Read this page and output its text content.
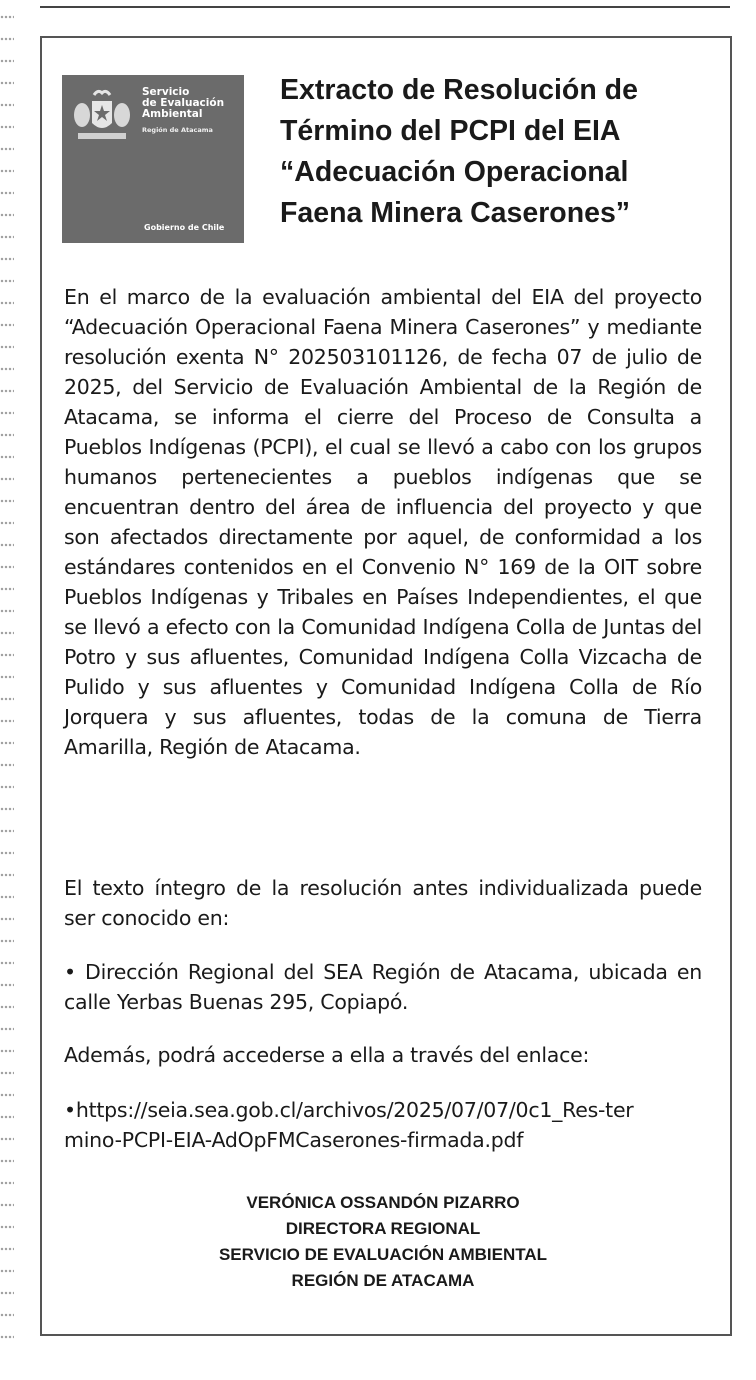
Servicio
de Evaluación
Ambiental
Región de Atacama
Gobierno de Chile
Extracto de Resolución de
Término del PCPI del EIA
“Adecuación Operacional
Faena Minera Caserones”

En el marco de la evaluación ambiental del EIA del proyecto “Adecuación Operacional Faena Minera Caserones” y mediante resolución exenta N° 202503101126, de fecha 07 de julio de 2025, del Servicio de Evaluación Ambiental de la Región de Atacama, se informa el cierre del Proceso de Consulta a Pueblos Indígenas (PCPI), el cual se llevó a cabo con los grupos humanos pertenecientes a pueblos indígenas que se encuentran dentro del área de influencia del proyecto y que son afectados directamente por aquel, de conformidad a los estándares contenidos en el Convenio N° 169 de la OIT sobre Pueblos Indígenas y Tribales en Países Independientes, el que se llevó a efecto con la Comunidad Indígena Colla de Juntas del Potro y sus afluentes, Comunidad Indígena Colla Vizcacha de Pulido y sus afluentes y Comunidad Indígena Colla de Río Jorquera y sus afluentes, todas de la comuna de Tierra Amarilla, Región de Atacama.

El texto íntegro de la resolución antes individualizada puede ser conocido en:

• Dirección Regional del SEA Región de Atacama, ubicada en calle Yerbas Buenas 295, Copiapó.

Además, podrá accederse a ella a través del enlace:

•https://seia.sea.gob.cl/archivos/2025/07/07/0c1_Res-ter
mino-PCPI-EIA-AdOpFMCaserones-firmada.pdf

VERÓNICA OSSANDÓN PIZARRO
DIRECTORA REGIONAL
SERVICIO DE EVALUACIÓN AMBIENTAL
REGIÓN DE ATACAMA
